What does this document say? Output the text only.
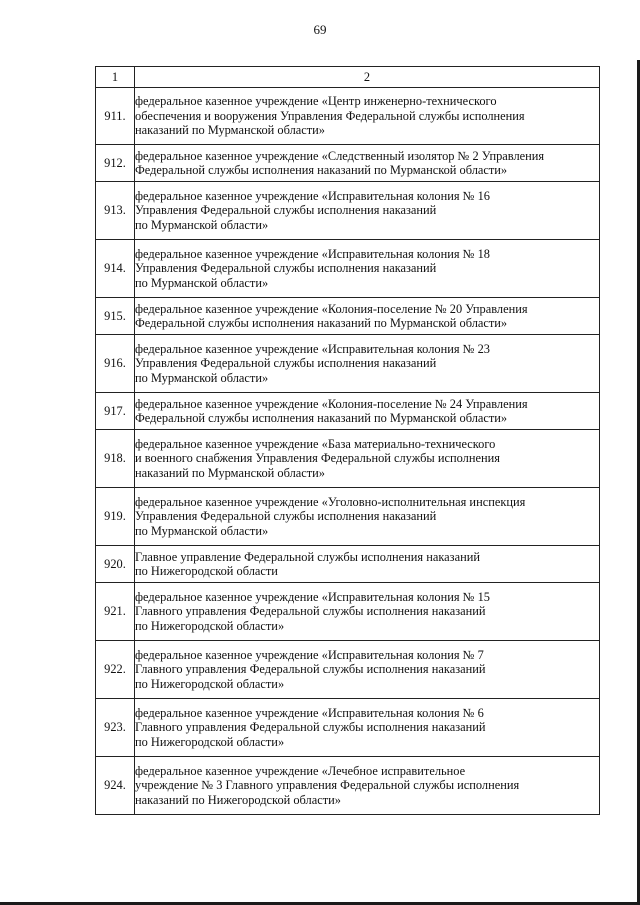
69
1	2
911.	федеральное казенное учреждение «Центр инженерно-технического
обеспечения и вооружения Управления Федеральной службы исполнения
наказаний по Мурманской области»

912.	федеральное казенное учреждение «Следственный изолятор № 2 Управления
Федеральной службы исполнения наказаний по Мурманской области»

913.	федеральное казенное учреждение «Исправительная колония № 16
Управления Федеральной службы исполнения наказаний
по Мурманской области»

914.	федеральное казенное учреждение «Исправительная колония № 18
Управления Федеральной службы исполнения наказаний
по Мурманской области»

915.	федеральное казенное учреждение «Колония-поселение № 20 Управления
Федеральной службы исполнения наказаний по Мурманской области»

916.	федеральное казенное учреждение «Исправительная колония № 23
Управления Федеральной службы исполнения наказаний
по Мурманской области»

917.	федеральное казенное учреждение «Колония-поселение № 24 Управления
Федеральной службы исполнения наказаний по Мурманской области»

918.	федеральное казенное учреждение «База материально-технического
и военного снабжения Управления Федеральной службы исполнения
наказаний по Мурманской области»

919.	федеральное казенное учреждение «Уголовно-исполнительная инспекция
Управления Федеральной службы исполнения наказаний
по Мурманской области»

920.	Главное управление Федеральной службы исполнения наказаний
по Нижегородской области

921.	федеральное казенное учреждение «Исправительная колония № 15
Главного управления Федеральной службы исполнения наказаний
по Нижегородской области»

922.	федеральное казенное учреждение «Исправительная колония № 7
Главного управления Федеральной службы исполнения наказаний
по Нижегородской области»

923.	федеральное казенное учреждение «Исправительная колония № 6
Главного управления Федеральной службы исполнения наказаний
по Нижегородской области»

924.	федеральное казенное учреждение «Лечебное исправительное
учреждение № 3 Главного управления Федеральной службы исполнения
наказаний по Нижегородской области»
